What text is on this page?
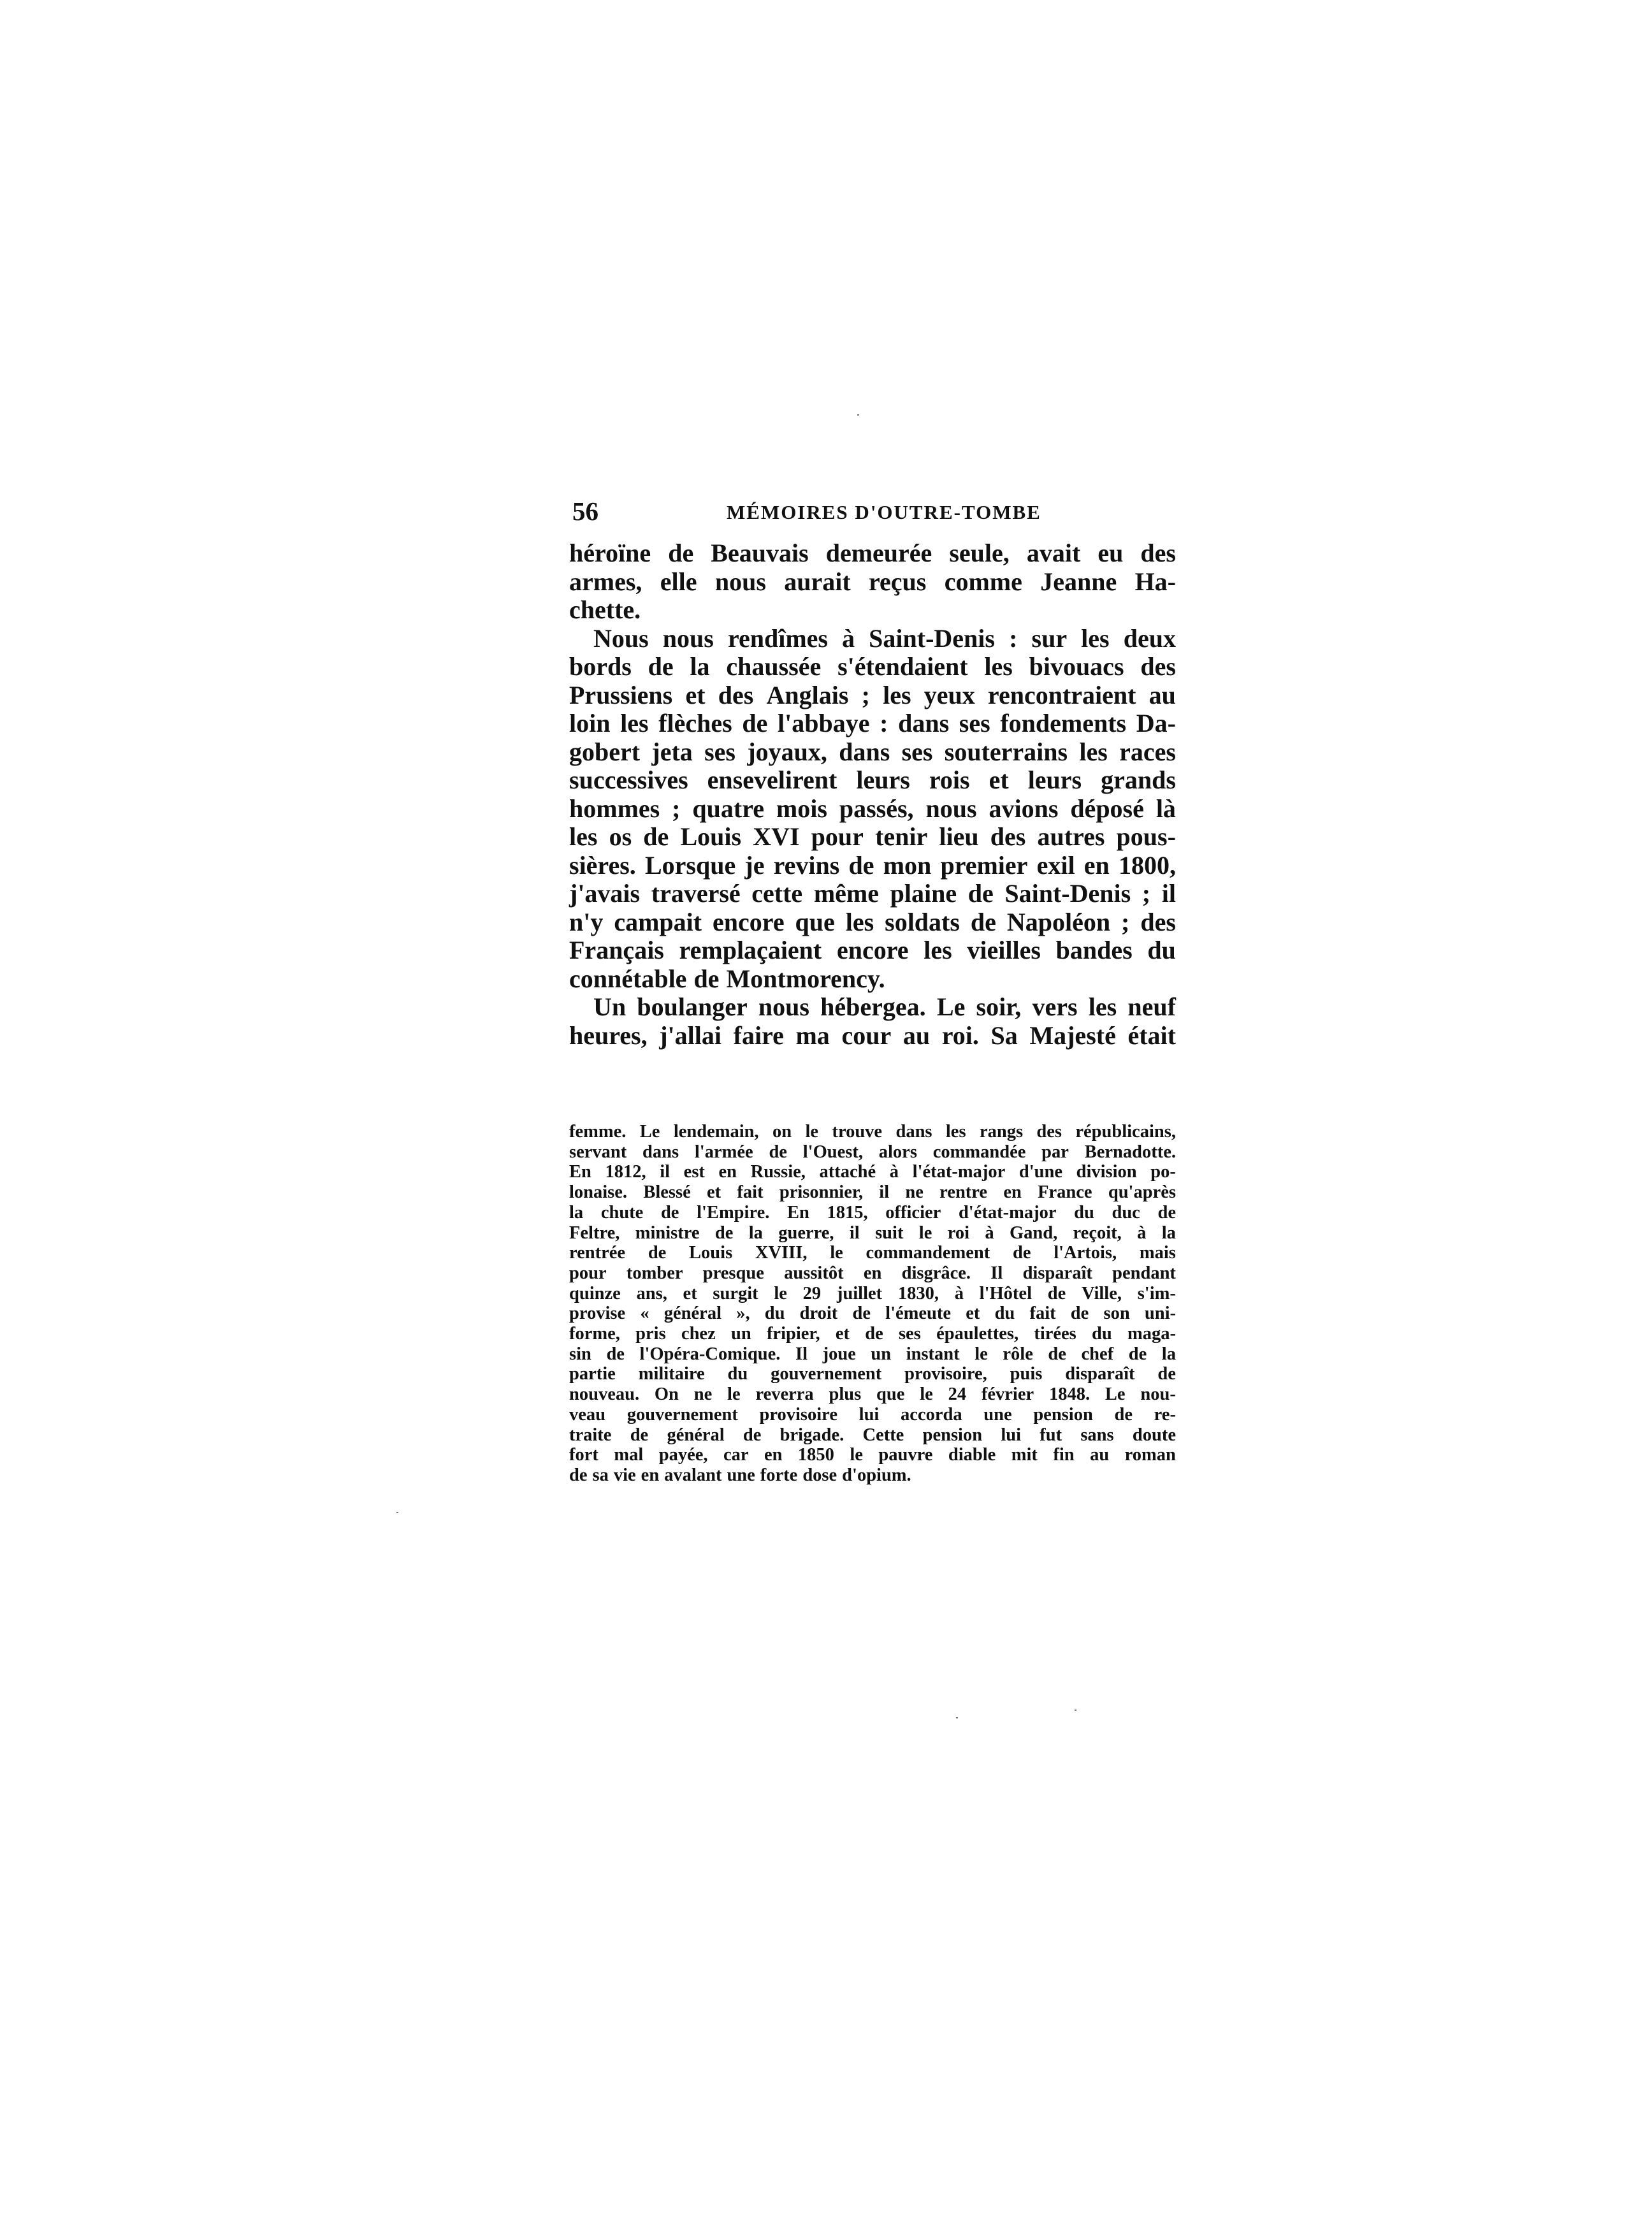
56	MÉMOIRES D'OUTRE-TOMBE
héroïne de Beauvais demeurée seule, avait eu des
armes, elle nous aurait reçus comme Jeanne Ha-
chette.
Nous nous rendîmes à Saint-Denis : sur les deux
bords de la chaussée s'étendaient les bivouacs des
Prussiens et des Anglais ; les yeux rencontraient au
loin les flèches de l'abbaye : dans ses fondements Da-
gobert jeta ses joyaux, dans ses souterrains les races
successives ensevelirent leurs rois et leurs grands
hommes ; quatre mois passés, nous avions déposé là
les os de Louis XVI pour tenir lieu des autres pous-
sières. Lorsque je revins de mon premier exil en 1800,
j'avais traversé cette même plaine de Saint-Denis ; il
n'y campait encore que les soldats de Napoléon ; des
Français remplaçaient encore les vieilles bandes du
connétable de Montmorency.
Un boulanger nous hébergea. Le soir, vers les neuf
heures, j'allai faire ma cour au roi. Sa Majesté était
femme. Le lendemain, on le trouve dans les rangs des républicains,
servant dans l'armée de l'Ouest, alors commandée par Bernadotte.
En 1812, il est en Russie, attaché à l'état-major d'une division po-
lonaise. Blessé et fait prisonnier, il ne rentre en France qu'après
la chute de l'Empire. En 1815, officier d'état-major du duc de
Feltre, ministre de la guerre, il suit le roi à Gand, reçoit, à la
rentrée de Louis XVIII, le commandement de l'Artois, mais
pour tomber presque aussitôt en disgrâce. Il disparaît pendant
quinze ans, et surgit le 29 juillet 1830, à l'Hôtel de Ville, s'im-
provise « général », du droit de l'émeute et du fait de son uni-
forme, pris chez un fripier, et de ses épaulettes, tirées du maga-
sin de l'Opéra-Comique. Il joue un instant le rôle de chef de la
partie militaire du gouvernement provisoire, puis disparaît de
nouveau. On ne le reverra plus que le 24 février 1848. Le nou-
veau gouvernement provisoire lui accorda une pension de re-
traite de général de brigade. Cette pension lui fut sans doute
fort mal payée, car en 1850 le pauvre diable mit fin au roman
de sa vie en avalant une forte dose d'opium.
